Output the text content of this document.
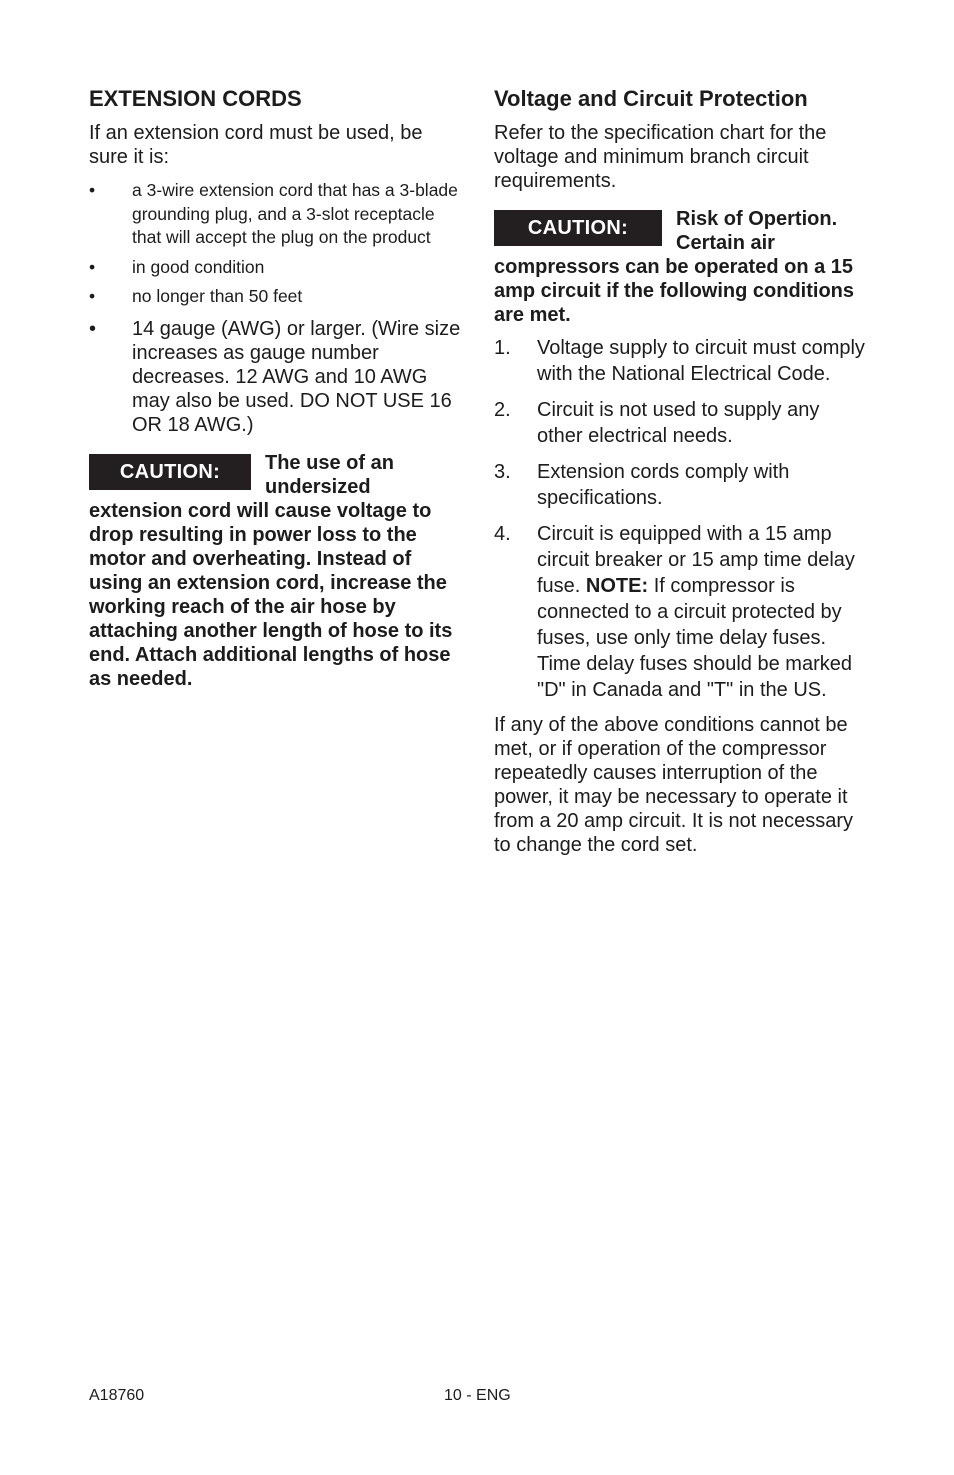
EXTENSION CORDS

If an extension cord must be used, be sure it is:

• a 3-wire extension cord that has a 3-blade grounding plug, and a 3-slot receptacle that will accept the plug on the product
• in good condition
• no longer than 50 feet
• 14 gauge (AWG) or larger. (Wire size increases as gauge number decreases. 12 AWG and 10 AWG may also be used. DO NOT USE 16 OR 18 AWG.)
CAUTION:	The use of an undersized extension cord will cause voltage to drop resulting in power loss to the motor and overheating. Instead of using an extension cord, increase the working reach of the air hose by attaching another length of hose to its end. Attach additional lengths of hose as needed.
Voltage and Circuit Protection

Refer to the specification chart for the voltage and minimum branch circuit requirements.

CAUTION:	Risk of Opertion. Certain air compressors can be operated on a 15 amp circuit if the following conditions are met.
1. Voltage supply to circuit must comply with the National Electrical Code.
2. Circuit is not used to supply any other electrical needs.
3. Extension cords comply with specifications.
4. Circuit is equipped with a 15 amp circuit breaker or 15 amp time delay fuse. NOTE: If compressor is connected to a circuit protected by fuses, use only time delay fuses. Time delay fuses should be marked "D" in Canada and "T" in the US.

If any of the above conditions cannot be met, or if operation of the compressor repeatedly causes interruption of the power, it may be necessary to operate it from a 20 amp circuit. It is not necessary to change the cord set.

A18760	10 - ENG
